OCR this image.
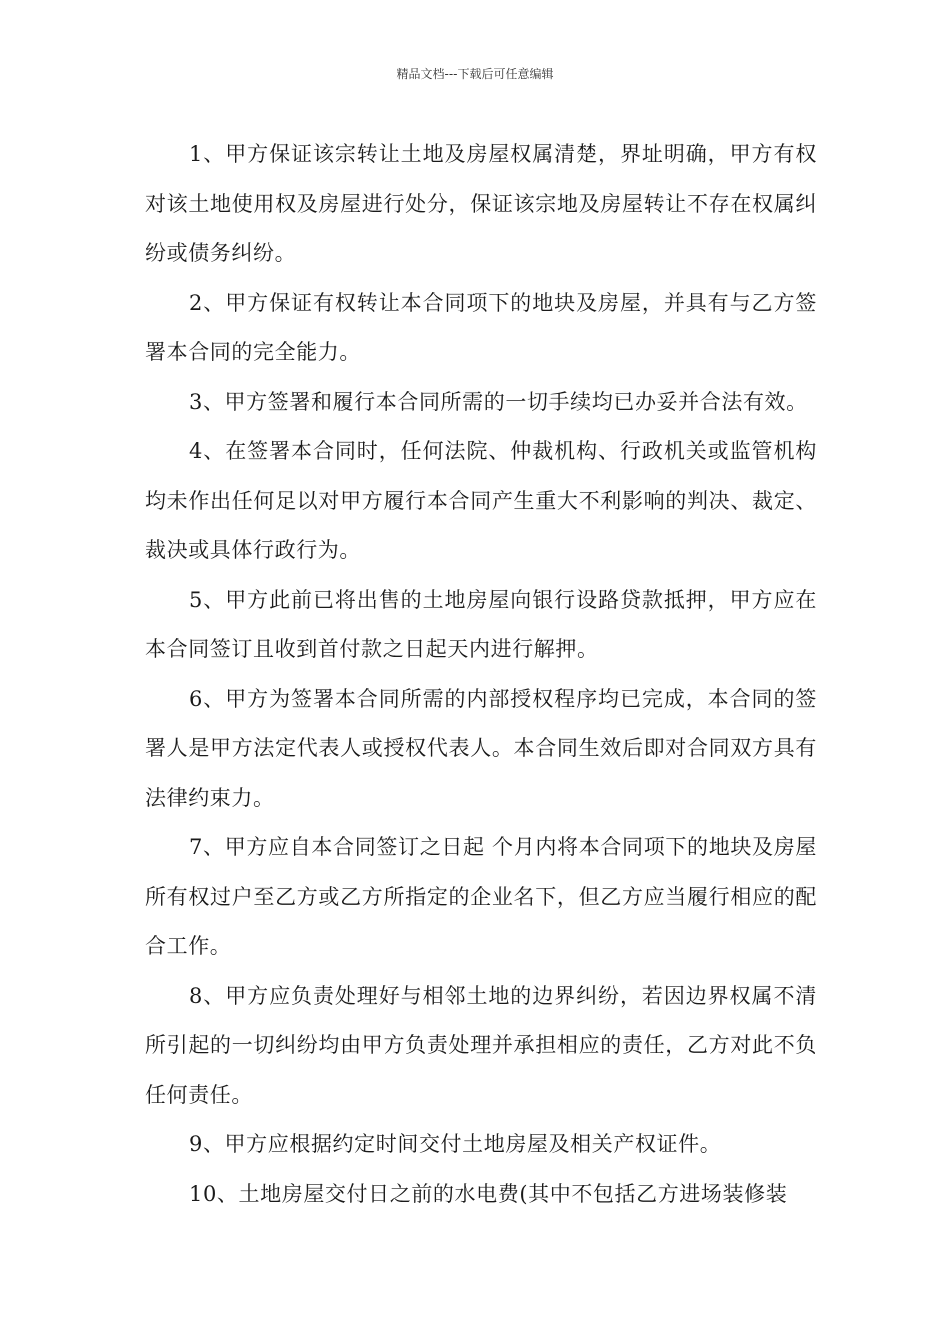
精品文档---下载后可任意编辑

1、甲方保证该宗转让土地及房屋权属清楚，界址明确，甲方有权对该土地使用权及房屋进行处分，保证该宗地及房屋转让不存在权属纠纷或债务纠纷。

2、甲方保证有权转让本合同项下的地块及房屋，并具有与乙方签署本合同的完全能力。

3、甲方签署和履行本合同所需的一切手续均已办妥并合法有效。

4、在签署本合同时，任何法院、仲裁机构、行政机关或监管机构均未作出任何足以对甲方履行本合同产生重大不利影响的判决、裁定、裁决或具体行政行为。

5、甲方此前已将出售的土地房屋向银行设路贷款抵押，甲方应在本合同签订且收到首付款之日起天内进行解押。

6、甲方为签署本合同所需的内部授权程序均已完成，本合同的签署人是甲方法定代表人或授权代表人。本合同生效后即对合同双方具有法律约束力。

7、甲方应自本合同签订之日起 个月内将本合同项下的地块及房屋所有权过户至乙方或乙方所指定的企业名下，但乙方应当履行相应的配合工作。

8、甲方应负责处理好与相邻土地的边界纠纷，若因边界权属不清所引起的一切纠纷均由甲方负责处理并承担相应的责任，乙方对此不负任何责任。

9、甲方应根据约定时间交付土地房屋及相关产权证件。

10、土地房屋交付日之前的水电费(其中不包括乙方进场装修装
